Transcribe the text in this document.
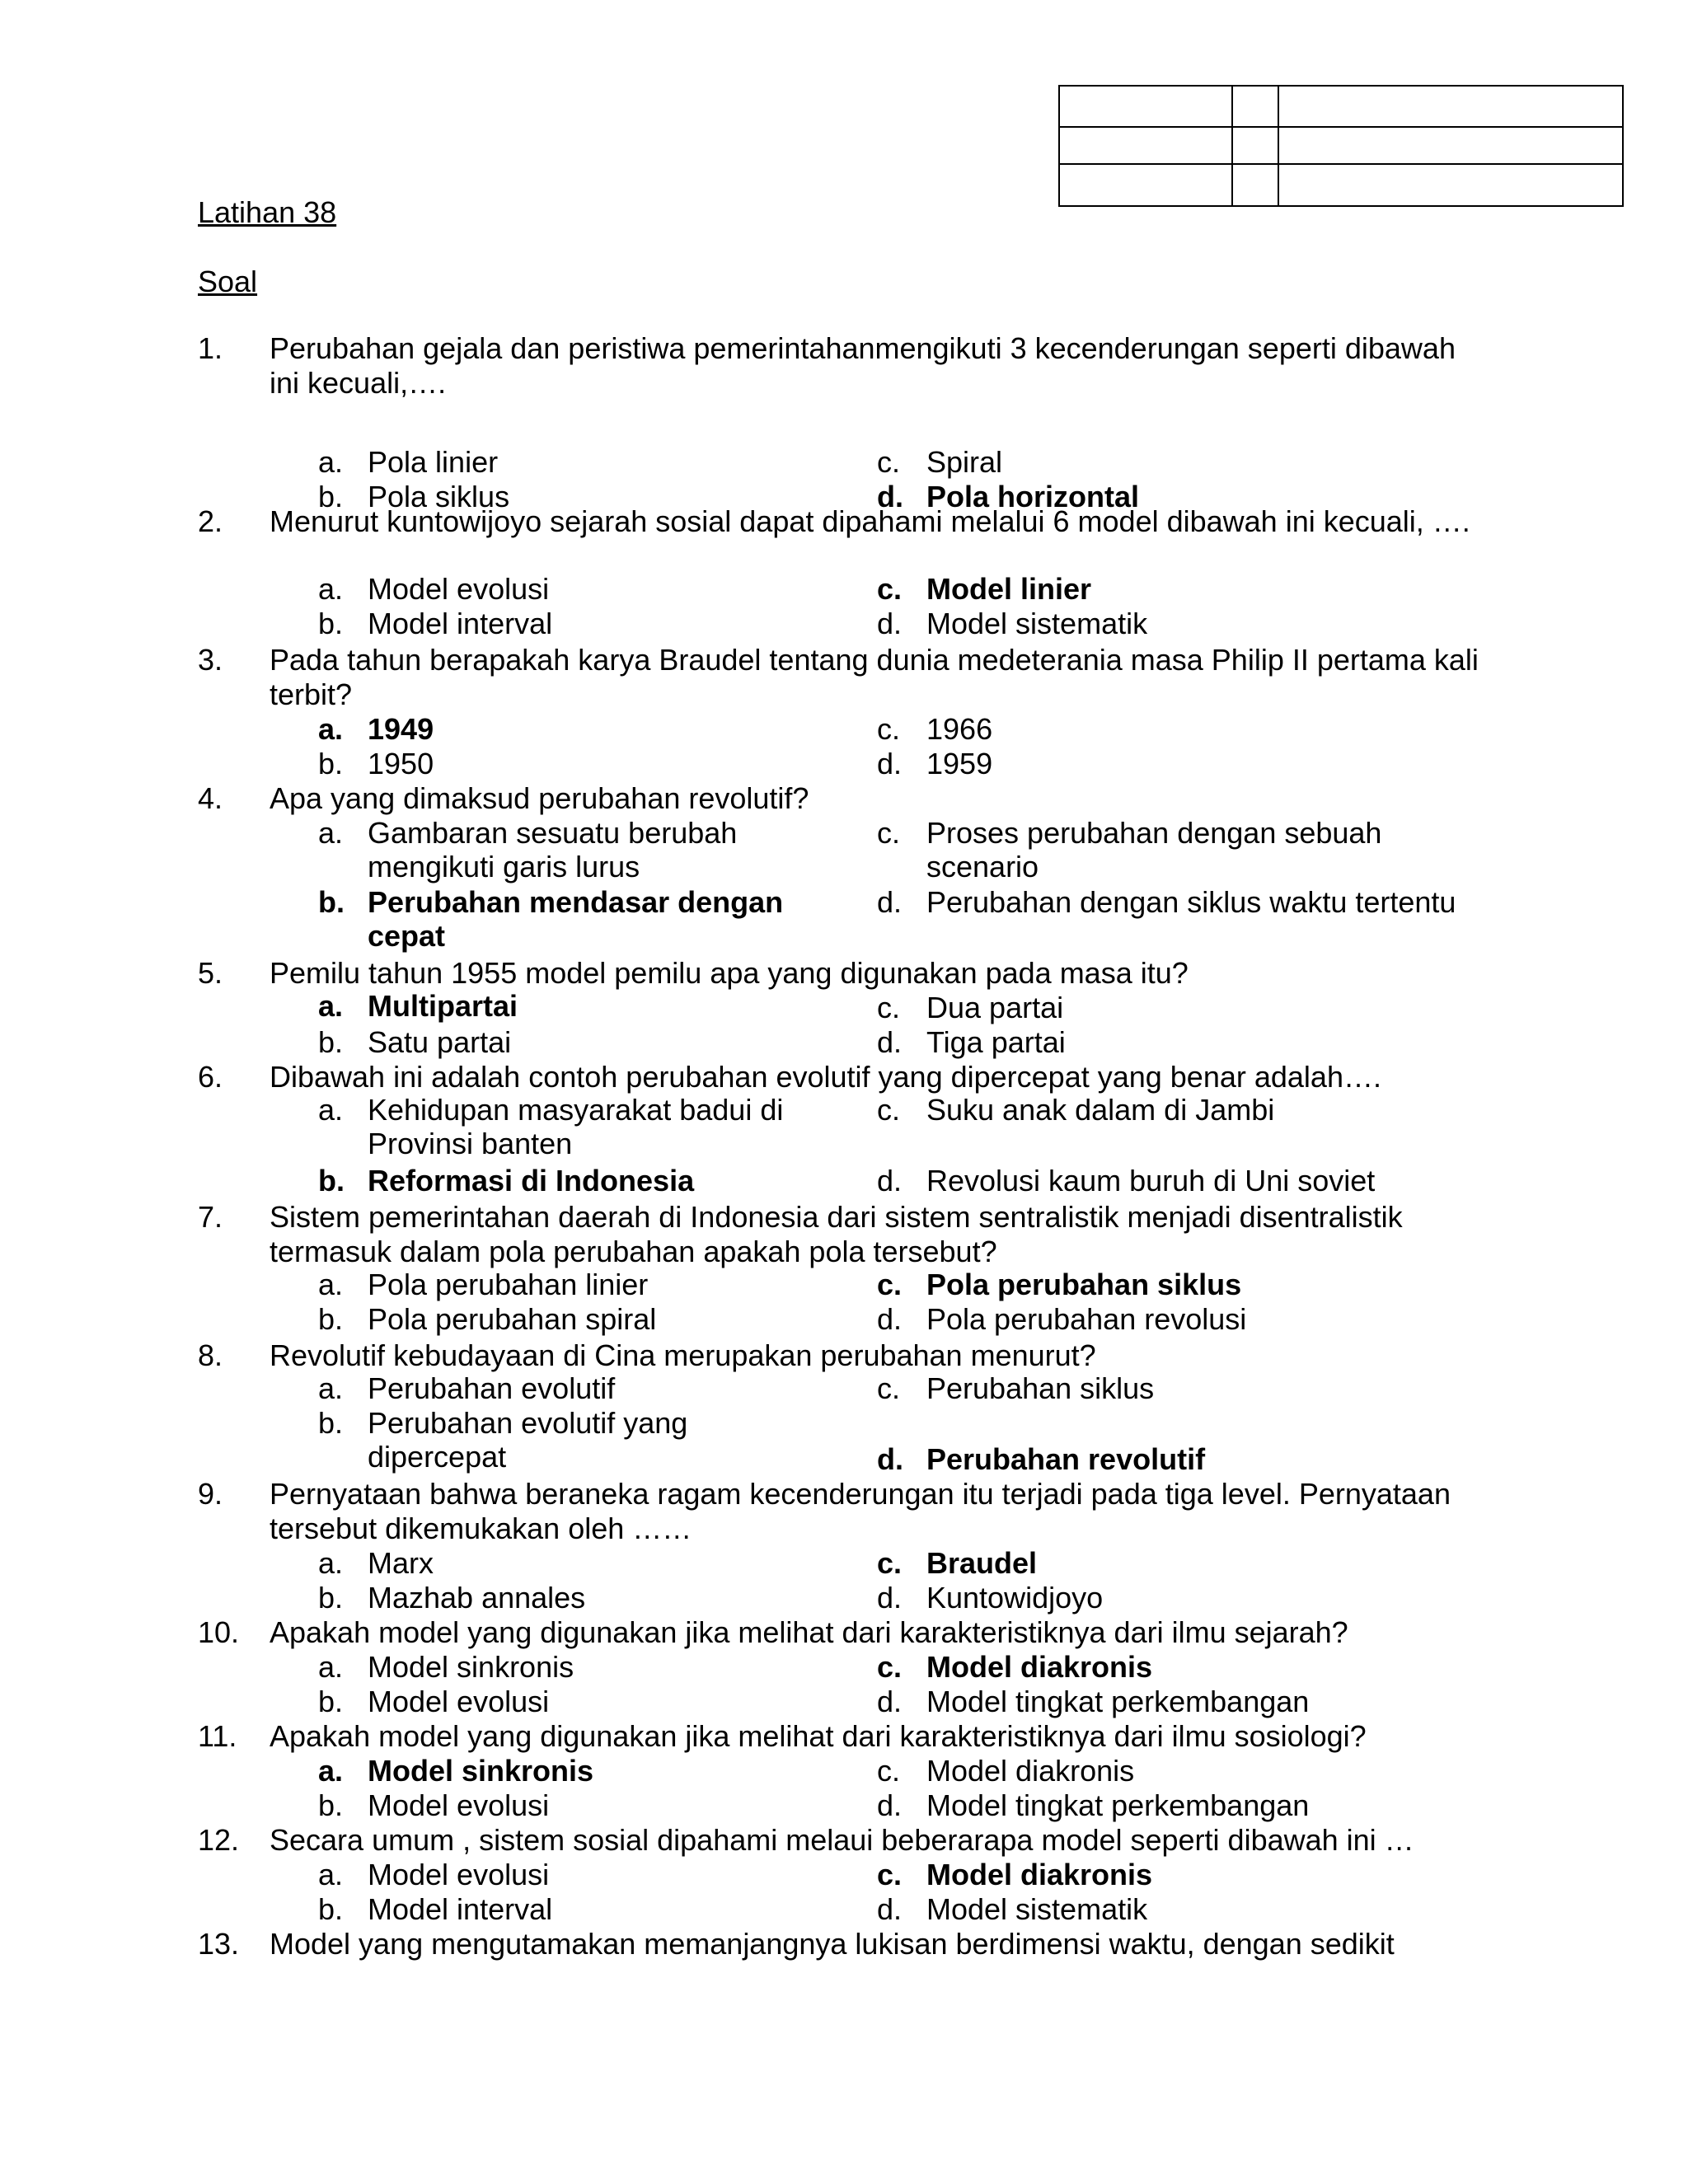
Latihan 38
Soal
1. Perubahan gejala dan peristiwa pemerintahanmengikuti 3 kecenderungan seperti dibawah ini kecuali,….
a. Pola linier
b. Pola siklus
c. Spiral
d. Pola horizontal
2. Menurut kuntowijoyo sejarah sosial dapat dipahami melalui 6 model dibawah ini kecuali, ….
a. Model evolusi
b. Model interval
c. Model linier
d. Model sistematik
3. Pada tahun berapakah karya Braudel tentang dunia medeterania masa Philip II pertama kali terbit?
a. 1949
b. 1950
c. 1966
d. 1959
4. Apa yang dimaksud perubahan revolutif?
a. Gambaran sesuatu berubah mengikuti garis lurus
b. Perubahan mendasar dengan cepat
c. Proses perubahan dengan sebuah scenario
d. Perubahan dengan siklus waktu tertentu
5. Pemilu tahun 1955 model pemilu apa yang digunakan pada masa itu?
a. Multipartai
b. Satu partai
c. Dua partai
d. Tiga partai
6. Dibawah ini adalah contoh perubahan evolutif yang dipercepat yang benar adalah….
a. Kehidupan masyarakat badui di Provinsi banten
b. Reformasi di Indonesia
c. Suku anak dalam di Jambi
d. Revolusi kaum buruh di Uni soviet
7. Sistem pemerintahan daerah di Indonesia dari sistem sentralistik menjadi disentralistik termasuk dalam pola perubahan apakah pola tersebut?
a. Pola perubahan linier
b. Pola perubahan spiral
c. Pola perubahan siklus
d. Pola perubahan revolusi
8. Revolutif kebudayaan di Cina merupakan perubahan menurut?
a. Perubahan evolutif
b. Perubahan evolutif yang dipercepat
c. Perubahan siklus
d. Perubahan revolutif
9. Pernyataan bahwa beraneka ragam kecenderungan itu terjadi pada tiga level. Pernyataan tersebut dikemukakan oleh ……
a. Marx
b. Mazhab annales
c. Braudel
d. Kuntowidjoyo
10. Apakah model yang digunakan jika melihat dari karakteristiknya dari ilmu sejarah?
a. Model sinkronis
b. Model evolusi
c. Model diakronis
d. Model tingkat perkembangan
11. Apakah model yang digunakan jika melihat dari karakteristiknya dari ilmu sosiologi?
a. Model sinkronis
b. Model evolusi
c. Model diakronis
d. Model tingkat perkembangan
12. Secara umum , sistem sosial dipahami melaui beberarapa model seperti dibawah ini …
a. Model evolusi
b. Model interval
c. Model diakronis
d. Model sistematik
13. Model yang mengutamakan memanjangnya lukisan berdimensi waktu, dengan sedikit
